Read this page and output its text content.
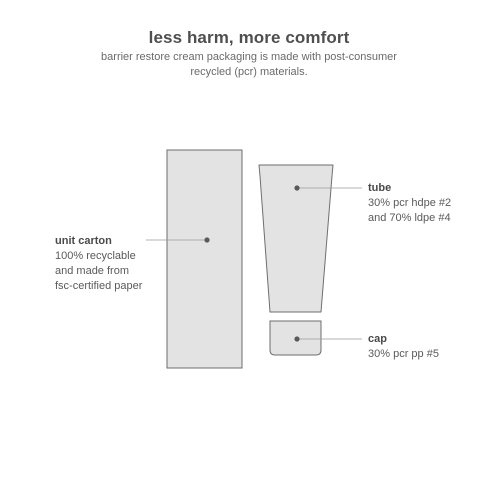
less harm, more comfort
barrier restore cream packaging is made with post-consumer recycled (pcr) materials.
unit carton
100% recyclable
and made from
fsc-certified paper
tube
30% pcr hdpe #2
and 70% ldpe #4
cap
30% pcr pp #5
